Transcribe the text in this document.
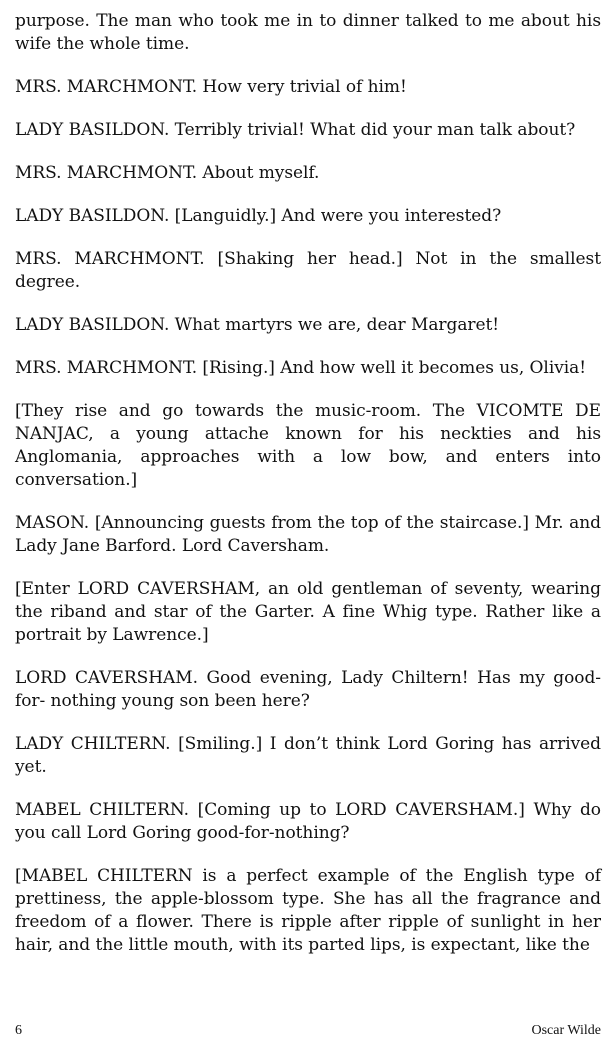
purpose. The man who took me in to dinner talked to me about his wife the whole time.

MRS. MARCHMONT. How very trivial of him!

LADY BASILDON. Terribly trivial! What did your man talk about?

MRS. MARCHMONT. About myself.

LADY BASILDON. [Languidly.] And were you interested?

MRS. MARCHMONT. [Shaking her head.] Not in the smallest degree.

LADY BASILDON. What martyrs we are, dear Margaret!

MRS. MARCHMONT. [Rising.] And how well it becomes us, Olivia!

[They rise and go towards the music-room. The VICOMTE DE NANJAC, a young attache known for his neckties and his Anglomania, approaches with a low bow, and enters into conversation.]

MASON. [Announcing guests from the top of the staircase.] Mr. and Lady Jane Barford. Lord Caversham.

[Enter LORD CAVERSHAM, an old gentleman of seventy, wearing the riband and star of the Garter. A fine Whig type. Rather like a portrait by Lawrence.]

LORD CAVERSHAM. Good evening, Lady Chiltern! Has my good-for- nothing young son been here?

LADY CHILTERN. [Smiling.] I don’t think Lord Goring has arrived yet.

MABEL CHILTERN. [Coming up to LORD CAVERSHAM.] Why do you call Lord Goring good-for-nothing?

[MABEL CHILTERN is a perfect example of the English type of prettiness, the apple-blossom type. She has all the fragrance and freedom of a flower. There is ripple after ripple of sunlight in her hair, and the little mouth, with its parted lips, is expectant, like the

6	Oscar Wilde
